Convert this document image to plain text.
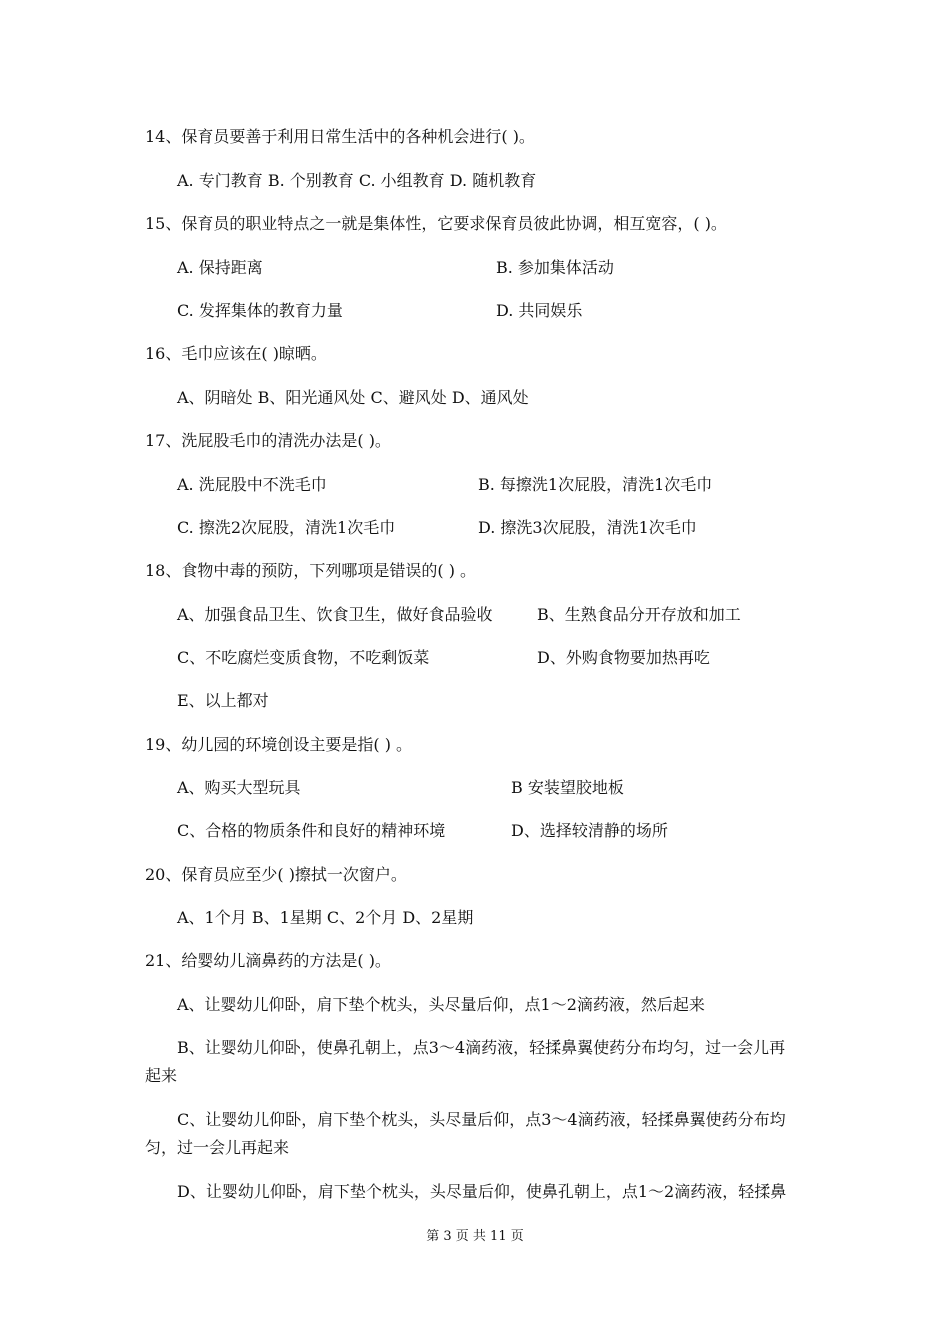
14、保育员要善于利用日常生活中的各种机会进行( )。
A. 专门教育 B. 个别教育 C. 小组教育 D. 随机教育
15、保育员的职业特点之一就是集体性，它要求保育员彼此协调，相互宽容，( )。
A. 保持距离	B. 参加集体活动
C. 发挥集体的教育力量	D. 共同娱乐
16、毛巾应该在( )晾晒。
A、阴暗处 B、阳光通风处 C、避风处 D、通风处
17、洗屁股毛巾的清洗办法是( )。
A. 洗屁股中不洗毛巾	B. 每擦洗1次屁股，清洗1次毛巾
C. 擦洗2次屁股，清洗1次毛巾	D. 擦洗3次屁股，清洗1次毛巾
18、食物中毒的预防，下列哪项是错误的( ) 。
A、加强食品卫生、饮食卫生，做好食品验收	B、生熟食品分开存放和加工
C、不吃腐烂变质食物，不吃剩饭菜	D、外购食物要加热再吃
E、以上都对
19、幼儿园的环境创设主要是指( ) 。
A、购买大型玩具	B 安装望胶地板
C、合格的物质条件和良好的精神环境	D、选择较清静的场所
20、保育员应至少( )擦拭一次窗户。
A、1个月 B、1星期 C、2个月 D、2星期
21、给婴幼儿滴鼻药的方法是( )。
A、让婴幼儿仰卧，肩下垫个枕头，头尽量后仰，点1～2滴药液，然后起来
B、让婴幼儿仰卧，使鼻孔朝上，点3～4滴药液，轻揉鼻翼使药分布均匀，过一会儿再
起来
C、让婴幼儿仰卧，肩下垫个枕头，头尽量后仰，点3～4滴药液，轻揉鼻翼使药分布均
匀，过一会儿再起来
D、让婴幼儿仰卧，肩下垫个枕头，头尽量后仰，使鼻孔朝上，点1～2滴药液，轻揉鼻
第 3 页 共 11 页
